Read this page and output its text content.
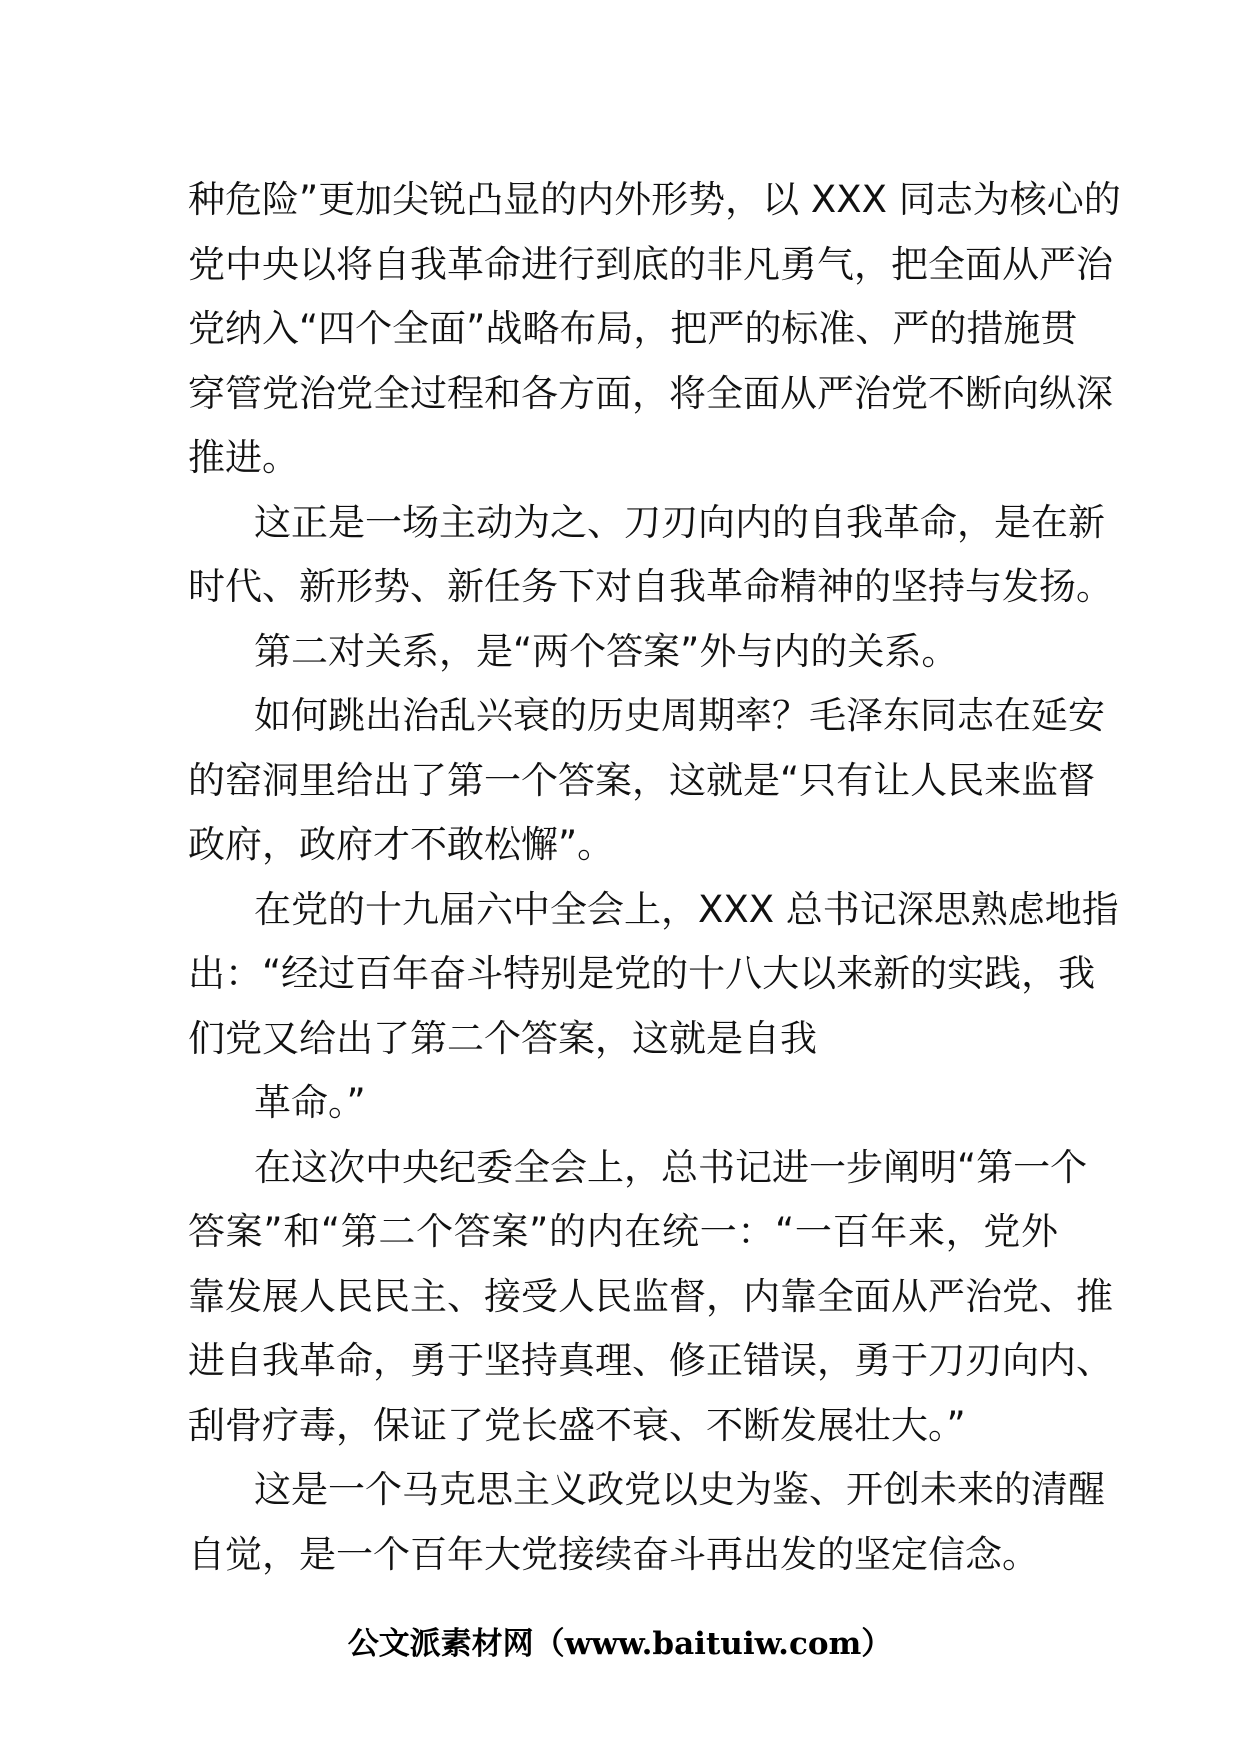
种危险”更加尖锐凸显的内外形势，以 XXX 同志为核心的
党中央以将自我革命进行到底的非凡勇气，把全面从严治
党纳入“四个全面”战略布局，把严的标准、严的措施贯
穿管党治党全过程和各方面，将全面从严治党不断向纵深
推进。
这正是一场主动为之、刀刃向内的自我革命，是在新
时代、新形势、新任务下对自我革命精神的坚持与发扬。
第二对关系，是“两个答案”外与内的关系。
如何跳出治乱兴衰的历史周期率？毛泽东同志在延安
的窑洞里给出了第一个答案，这就是“只有让人民来监督
政府，政府才不敢松懈”。
在党的十九届六中全会上，XXX 总书记深思熟虑地指
出：“经过百年奋斗特别是党的十八大以来新的实践，我
们党又给出了第二个答案，这就是自我
革命。”
在这次中央纪委全会上，总书记进一步阐明“第一个
答案”和“第二个答案”的内在统一：“一百年来，党外
靠发展人民民主、接受人民监督，内靠全面从严治党、推
进自我革命，勇于坚持真理、修正错误，勇于刀刃向内、
刮骨疗毒，保证了党长盛不衰、不断发展壮大。”
这是一个马克思主义政党以史为鉴、开创未来的清醒
自觉，是一个百年大党接续奋斗再出发的坚定信念。
公文派素材网（www.baituiw.com）
